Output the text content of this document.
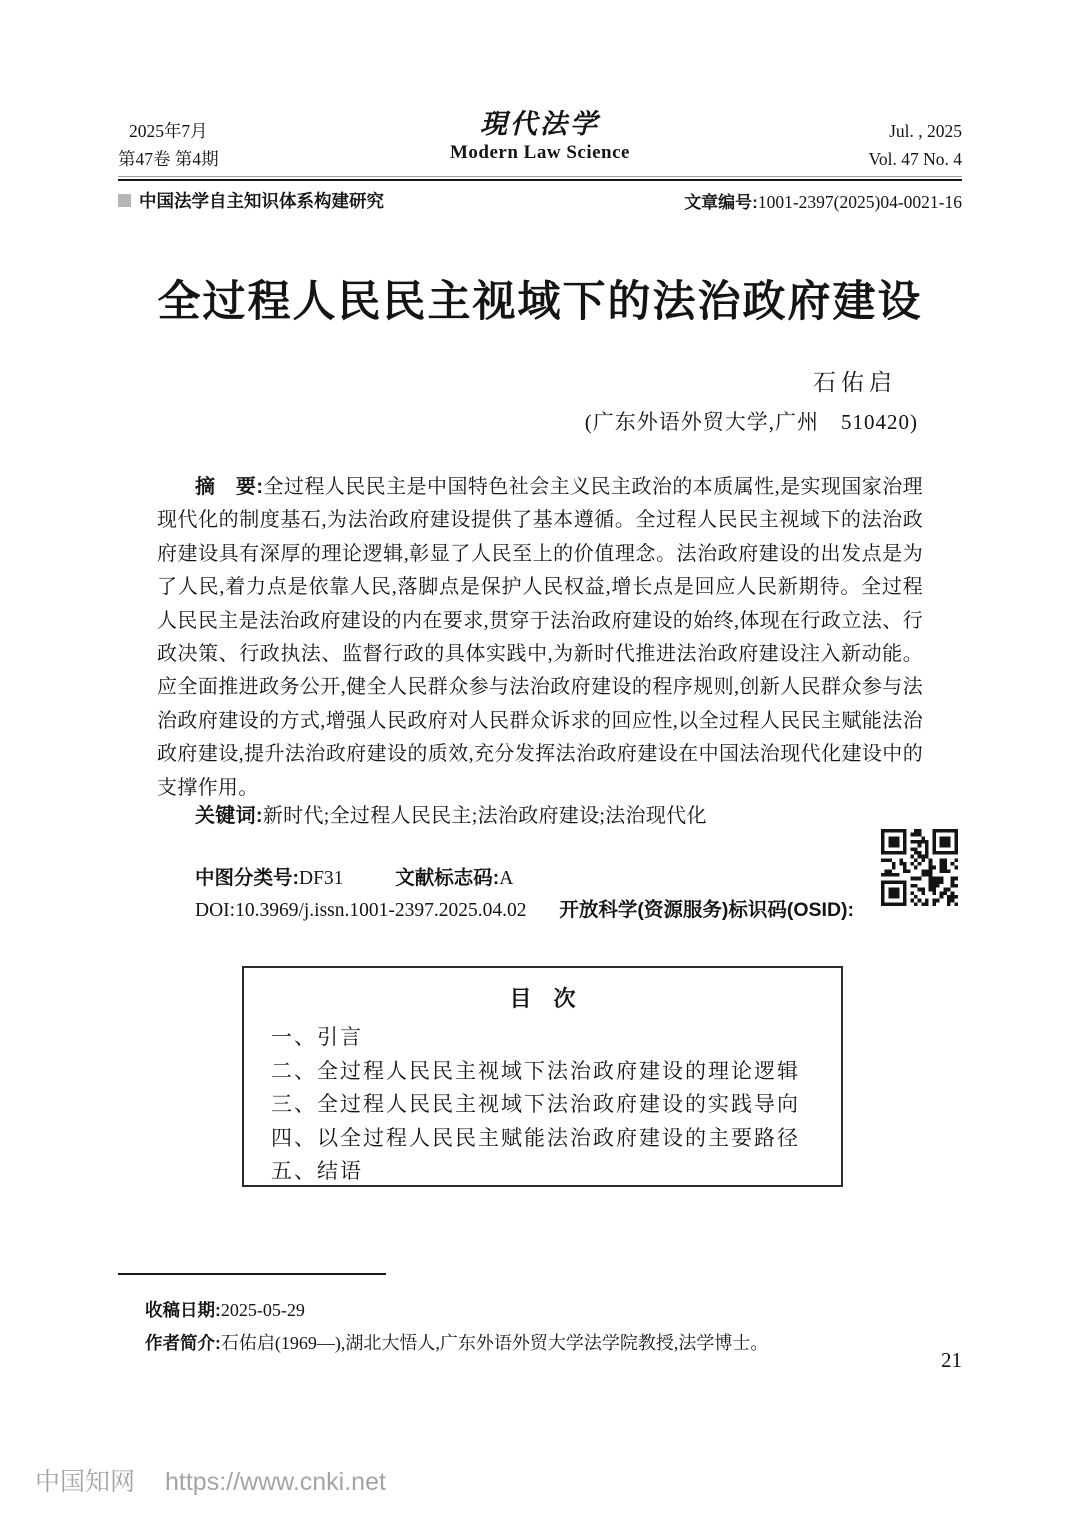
2025年7月
第47卷 第4期
現代法学
Modern Law Science
Jul. , 2025
Vol. 47 No. 4
中国法学自主知识体系构建研究	文章编号:1001-2397(2025)04-0021-16
全过程人民民主视域下的法治政府建设
石佑启
(广东外语外贸大学,广州　510420)

摘　要:全过程人民民主是中国特色社会主义民主政治的本质属性,是实现国家治理现代化的制度基石,为法治政府建设提供了基本遵循。全过程人民民主视域下的法治政府建设具有深厚的理论逻辑,彰显了人民至上的价值理念。法治政府建设的出发点是为了人民,着力点是依靠人民,落脚点是保护人民权益,增长点是回应人民新期待。全过程人民民主是法治政府建设的内在要求,贯穿于法治政府建设的始终,体现在行政立法、行政决策、行政执法、监督行政的具体实践中,为新时代推进法治政府建设注入新动能。应全面推进政务公开,健全人民群众参与法治政府建设的程序规则,创新人民群众参与法治政府建设的方式,增强人民政府对人民群众诉求的回应性,以全过程人民民主赋能法治政府建设,提升法治政府建设的质效,充分发挥法治政府建设在中国法治现代化建设中的支撑作用。

关键词:新时代;全过程人民民主;法治政府建设;法治现代化

中图分类号:DF31	文献标志码:A
DOI:10.3969/j.issn.1001-2397.2025.04.02 开放科学(资源服务)标识码(OSID):
目　次
一、引言
二、全过程人民民主视域下法治政府建设的理论逻辑
三、全过程人民民主视域下法治政府建设的实践导向
四、以全过程人民民主赋能法治政府建设的主要路径
五、结语
收稿日期:2025-05-29
作者简介:石佑启(1969—),湖北大悟人,广东外语外贸大学法学院教授,法学博士。
21
中国知网 https://www.cnki.net
